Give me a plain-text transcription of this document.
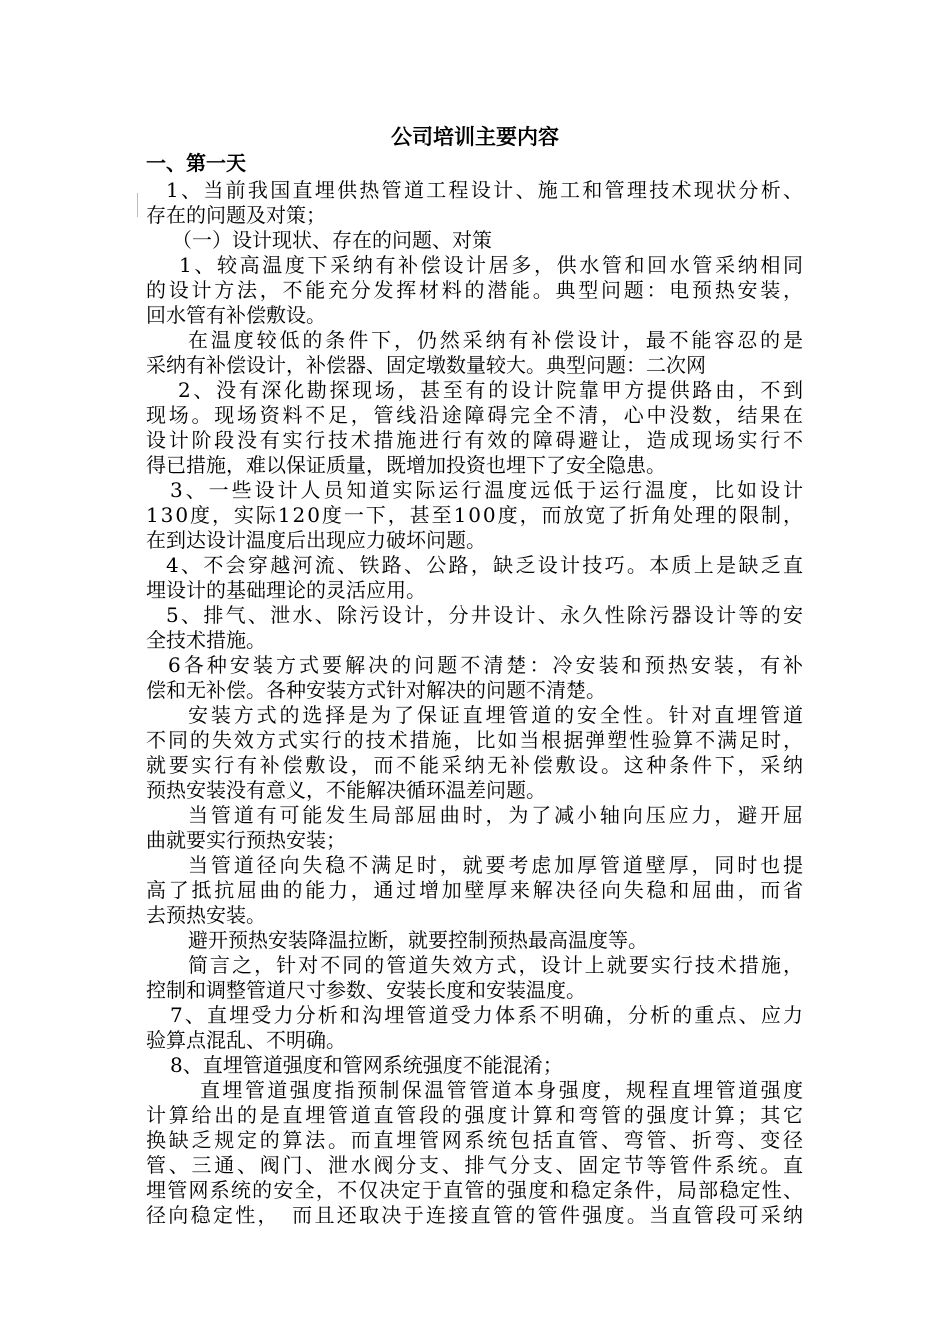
公司培训主要内容
一、第一天
1、当前我国直埋供热管道工程设计、施工和管理技术现状分析、
存在的问题及对策；
（一）设计现状、存在的问题、对策
1、较高温度下采纳有补偿设计居多，供水管和回水管采纳相同
的设计方法，不能充分发挥材料的潜能。典型问题：电预热安装，
回水管有补偿敷设。
在温度较低的条件下，仍然采纳有补偿设计，最不能容忍的是
采纳有补偿设计，补偿器、固定墩数量较大。典型问题：二次网
2、没有深化勘探现场，甚至有的设计院靠甲方提供路由，不到
现场。现场资料不足，管线沿途障碍完全不清，心中没数，结果在
设计阶段没有实行技术措施进行有效的障碍避让，造成现场实行不
得已措施，难以保证质量，既增加投资也埋下了安全隐患。
3、一些设计人员知道实际运行温度远低于运行温度，比如设计
130度，实际120度一下，甚至100度，而放宽了折角处理的限制，
在到达设计温度后出现应力破坏问题。
4、不会穿越河流、铁路、公路，缺乏设计技巧。本质上是缺乏直
埋设计的基础理论的灵活应用。
5、排气、泄水、除污设计，分井设计、永久性除污器设计等的安
全技术措施。
6各种安装方式要解决的问题不清楚：冷安装和预热安装，有补
偿和无补偿。各种安装方式针对解决的问题不清楚。
安装方式的选择是为了保证直埋管道的安全性。针对直埋管道
不同的失效方式实行的技术措施，比如当根据弹塑性验算不满足时，
就要实行有补偿敷设，而不能采纳无补偿敷设。这种条件下，采纳
预热安装没有意义，不能解决循环温差问题。
当管道有可能发生局部屈曲时，为了减小轴向压应力，避开屈
曲就要实行预热安装；
当管道径向失稳不满足时，就要考虑加厚管道壁厚，同时也提
高了抵抗屈曲的能力，通过增加壁厚来解决径向失稳和屈曲，而省
去预热安装。
避开预热安装降温拉断，就要控制预热最高温度等。
简言之，针对不同的管道失效方式，设计上就要实行技术措施，
控制和调整管道尺寸参数、安装长度和安装温度。
7、直埋受力分析和沟埋管道受力体系不明确，分析的重点、应力
验算点混乱、不明确。
8、直埋管道强度和管网系统强度不能混淆；
直埋管道强度指预制保温管管道本身强度，规程直埋管道强度
计算给出的是直埋管道直管段的强度计算和弯管的强度计算；其它
换缺乏规定的算法。而直埋管网系统包括直管、弯管、折弯、变径
管、三通、阀门、泄水阀分支、排气分支、固定节等管件系统。直
埋管网系统的安全，不仅决定于直管的强度和稳定条件，局部稳定性、
径向稳定性，　而且还取决于连接直管的管件强度。当直管段可采纳
